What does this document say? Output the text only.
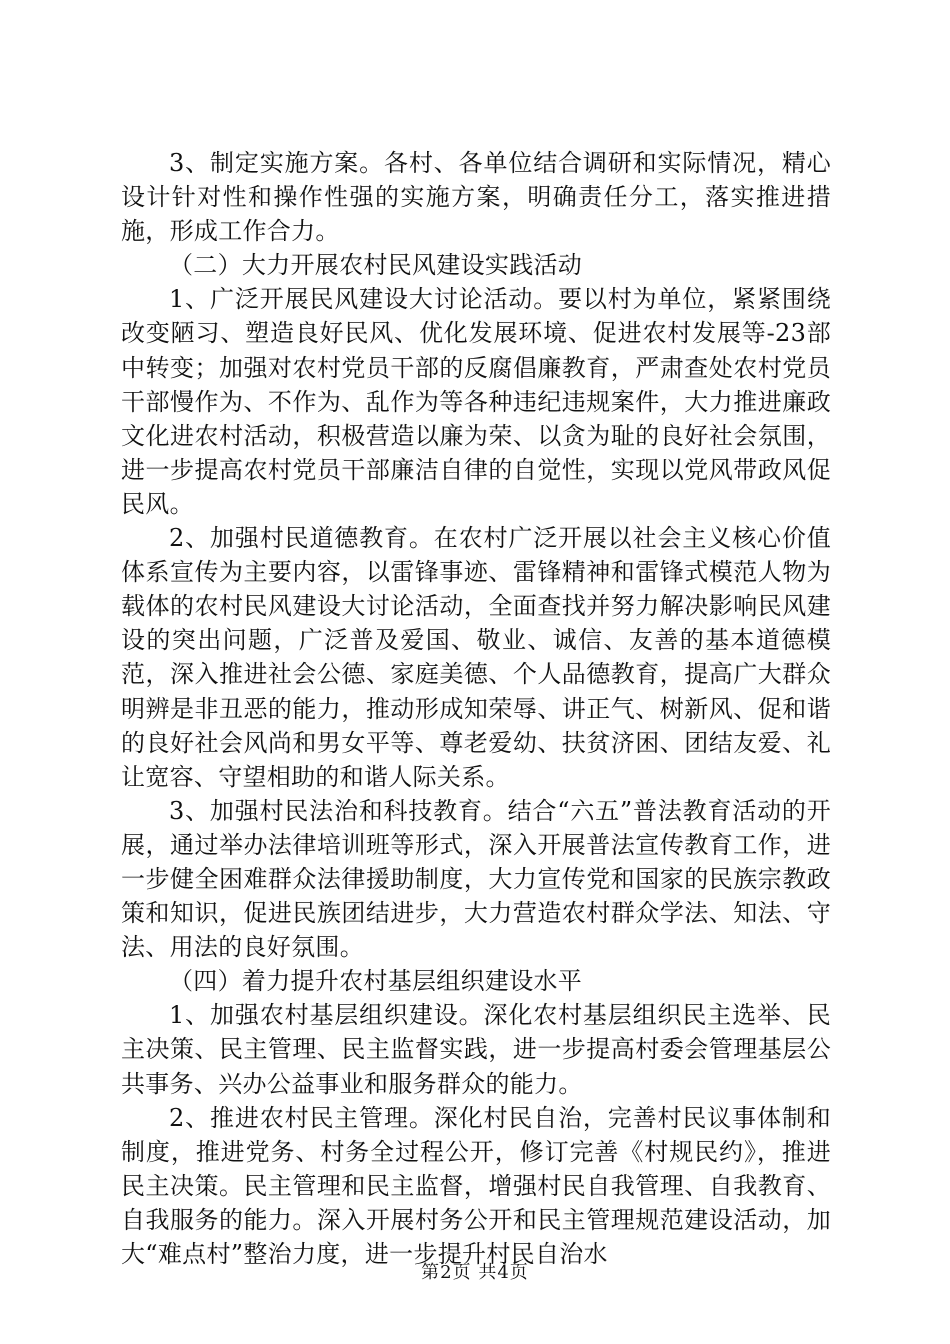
3、制定实施方案。各村、各单位结合调研和实际情况，精心设计针对性和操作性强的实施方案，明确责任分工，落实推进措施，形成工作合力。

（二）大力开展农村民风建设实践活动

1、广泛开展民风建设大讨论活动。要以村为单位，紧紧围绕改变陋习、塑造良好民风、优化发展环境、促进农村发展等-23部中转变；加强对农村党员干部的反腐倡廉教育，严肃查处农村党员干部慢作为、不作为、乱作为等各种违纪违规案件，大力推进廉政文化进农村活动，积极营造以廉为荣、以贪为耻的良好社会氛围，进一步提高农村党员干部廉洁自律的自觉性，实现以党风带政风促民风。

2、加强村民道德教育。在农村广泛开展以社会主义核心价值体系宣传为主要内容，以雷锋事迹、雷锋精神和雷锋式模范人物为载体的农村民风建设大讨论活动，全面查找并努力解决影响民风建设的突出问题，广泛普及爱国、敬业、诚信、友善的基本道德模范，深入推进社会公德、家庭美德、个人品德教育，提高广大群众明辨是非丑恶的能力，推动形成知荣辱、讲正气、树新风、促和谐的良好社会风尚和男女平等、尊老爱幼、扶贫济困、团结友爱、礼让宽容、守望相助的和谐人际关系。

3、加强村民法治和科技教育。结合“六五”普法教育活动的开展，通过举办法律培训班等形式，深入开展普法宣传教育工作，进一步健全困难群众法律援助制度，大力宣传党和国家的民族宗教政策和知识，促进民族团结进步，大力营造农村群众学法、知法、守法、用法的良好氛围。

（四）着力提升农村基层组织建设水平

1、加强农村基层组织建设。深化农村基层组织民主选举、民主决策、民主管理、民主监督实践，进一步提高村委会管理基层公共事务、兴办公益事业和服务群众的能力。

2、推进农村民主管理。深化村民自治，完善村民议事体制和制度，推进党务、村务全过程公开，修订完善《村规民约》，推进民主决策。民主管理和民主监督，增强村民自我管理、自我教育、自我服务的能力。深入开展村务公开和民主管理规范建设活动，加大“难点村”整治力度，进一步提升村民自治水

第2页 共4页
